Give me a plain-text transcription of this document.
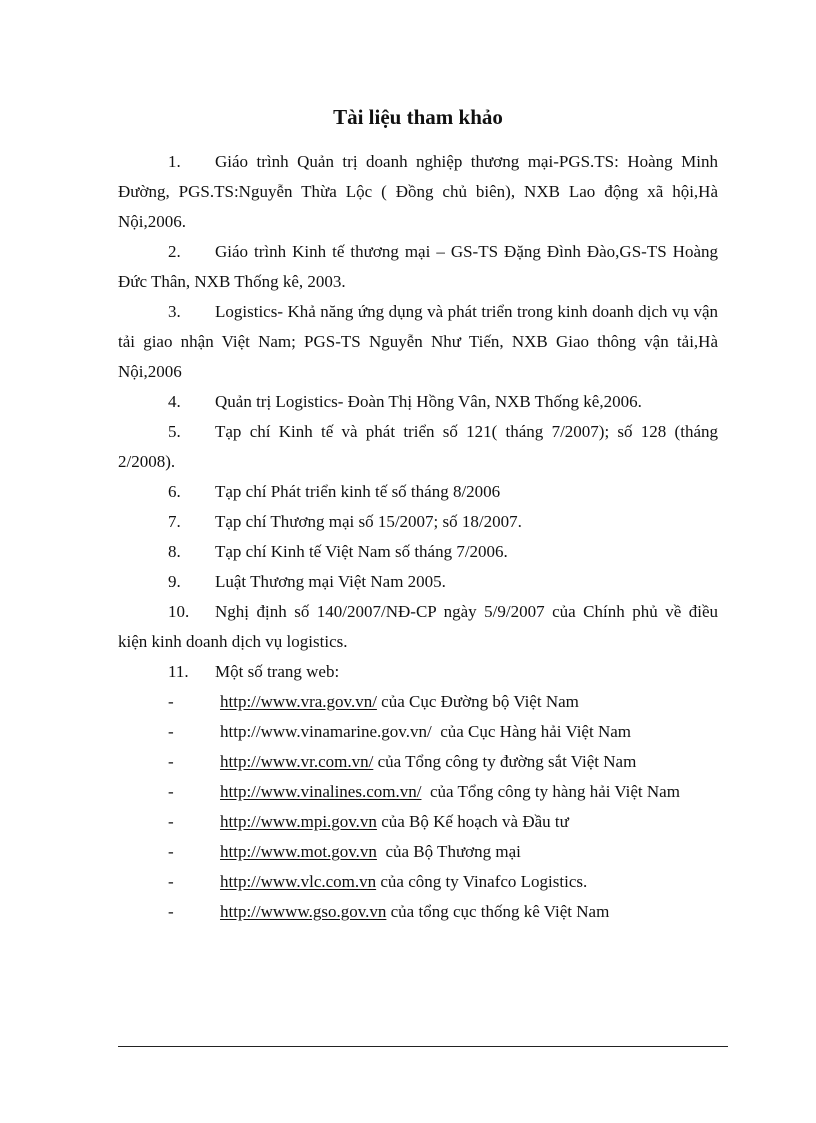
Tài liệu tham khảo

1. Giáo trình Quản trị doanh nghiệp thương mại-PGS.TS: Hoàng Minh Đường, PGS.TS:Nguyễn Thừa Lộc ( Đồng chủ biên), NXB Lao động xã hội,Hà Nội,2006.

2. Giáo trình Kinh tế thương mại – GS-TS Đặng Đình Đào,GS-TS Hoàng Đức Thân, NXB Thống kê, 2003.

3. Logistics- Khả năng ứng dụng và phát triển trong kinh doanh dịch vụ vận tải giao nhận Việt Nam; PGS-TS Nguyễn Như Tiến, NXB Giao thông vận tải,Hà Nội,2006

4. Quản trị Logistics- Đoàn Thị Hồng Vân, NXB Thống kê,2006.

5. Tạp chí Kinh tế và phát triển số 121( tháng 7/2007); số 128 (tháng 2/2008).

6. Tạp chí Phát triển kinh tế số tháng 8/2006

7. Tạp chí Thương mại số 15/2007; số 18/2007.

8. Tạp chí Kinh tế Việt Nam số tháng 7/2006.

9. Luật Thương mại Việt Nam 2005.

10. Nghị định số 140/2007/NĐ-CP ngày 5/9/2007 của Chính phủ về điều kiện kinh doanh dịch vụ logistics.

11. Một số trang web:

-	http://www.vra.gov.vn/ của Cục Đường bộ Việt Nam

-	http://www.vinamarine.gov.vn/ của Cục Hàng hải Việt Nam

-	http://www.vr.com.vn/ của Tổng công ty đường sắt Việt Nam

-	http://www.vinalines.com.vn/ của Tổng công ty hàng hải Việt Nam

-	http://www.mpi.gov.vn của Bộ Kế hoạch và Đầu tư

-	http://www.mot.gov.vn của Bộ Thương mại

-	http://www.vlc.com.vn của công ty Vinafco Logistics.

-	http://wwww.gso.gov.vn của tổng cục thống kê Việt Nam
